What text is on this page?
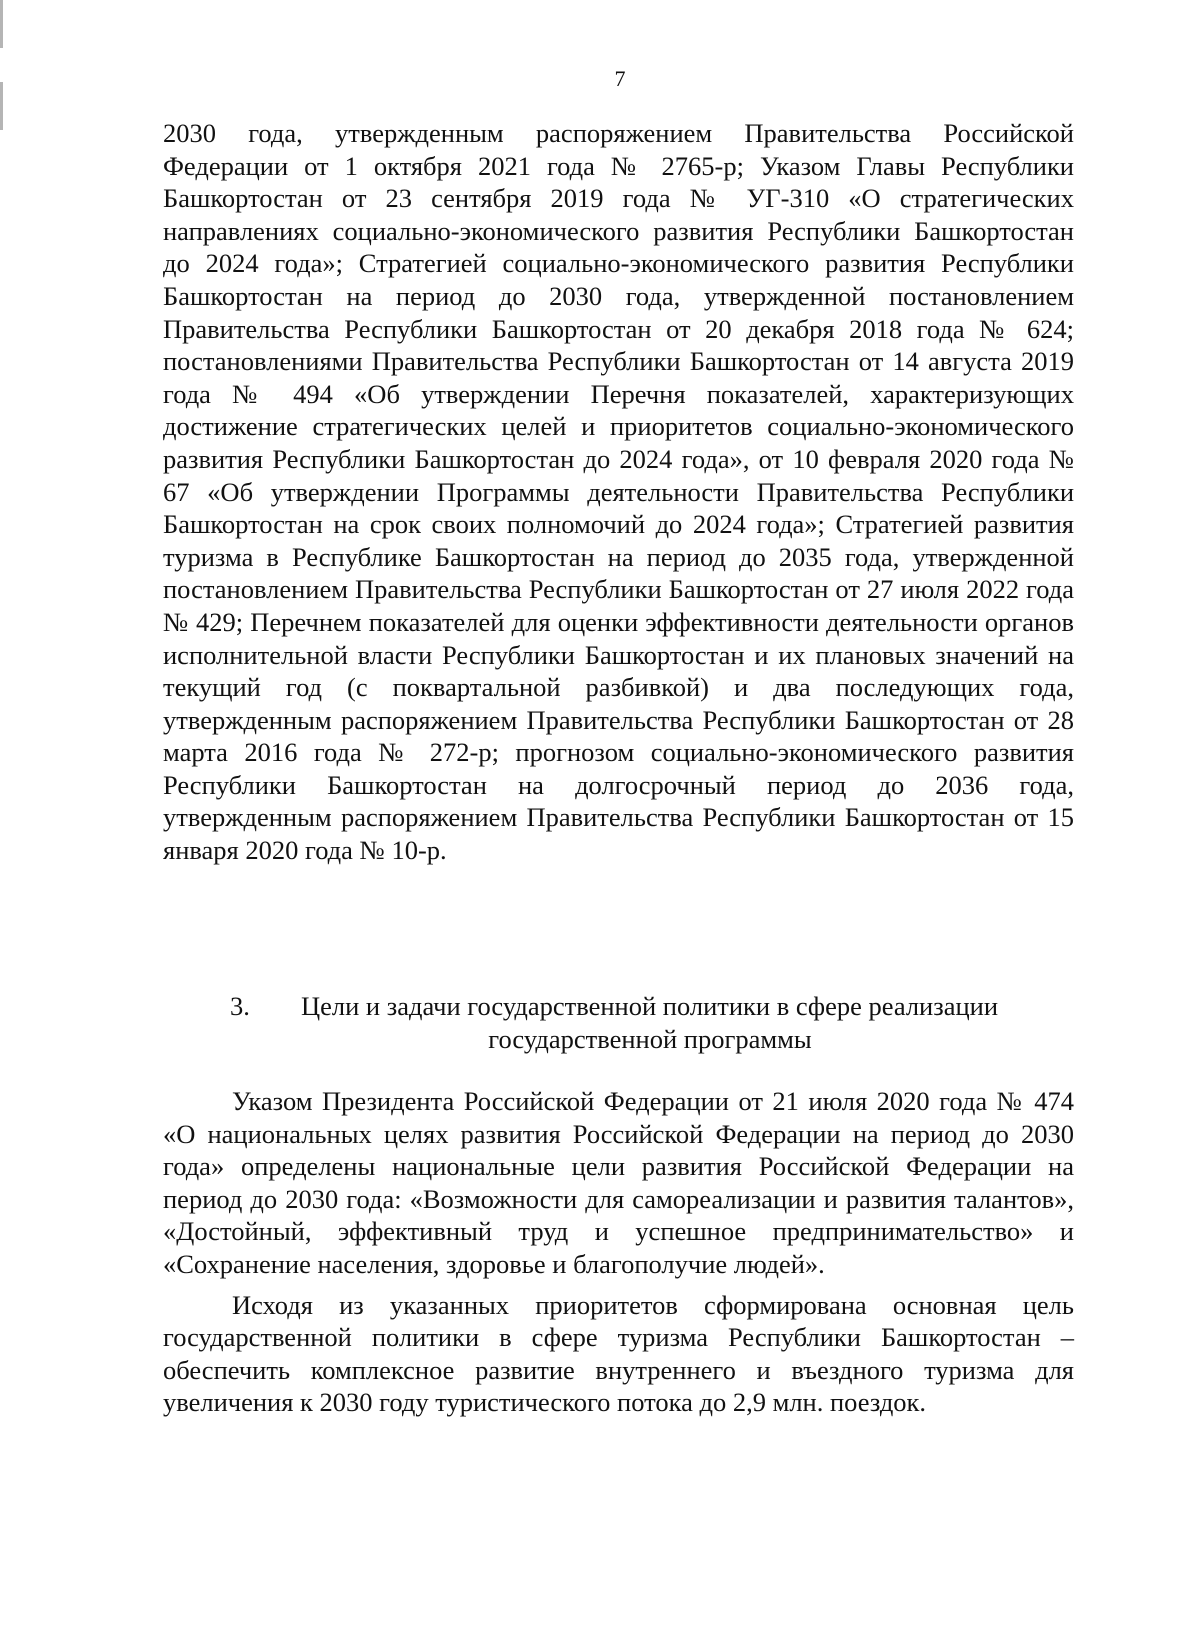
7

2030 года, утвержденным распоряжением Правительства Российской Федерации от 1 октября 2021 года № 2765-р; Указом Главы Республики Башкортостан от 23 сентября 2019 года № УГ-310 «О стратегических направлениях социально-экономического развития Республики Башкортостан до 2024 года»; Стратегией социально-экономического развития Республики Башкортостан на период до 2030 года, утвержденной постановлением Правительства Республики Башкортостан от 20 декабря 2018 года № 624; постановлениями Правительства Республики Башкортостан от 14 августа 2019 года № 494 «Об утверждении Перечня показателей, характеризующих достижение стратегических целей и приоритетов социально-экономического развития Республики Башкортостан до 2024 года», от 10 февраля 2020 года № 67 «Об утверждении Программы деятельности Правительства Республики Башкортостан на срок своих полномочий до 2024 года»; Стратегией развития туризма в Республике Башкортостан на период до 2035 года, утвержденной постановлением Правительства Республики Башкортостан от 27 июля 2022 года № 429; Перечнем показателей для оценки эффективности деятельности органов исполнительной власти Республики Башкортостан и их плановых значений на текущий год (с поквартальной разбивкой) и два последующих года, утвержденным распоряжением Правительства Республики Башкортостан от 28 марта 2016 года № 272-р; прогнозом социально-экономического развития Республики Башкортостан на долгосрочный период до 2036 года, утвержденным распоряжением Правительства Республики Башкортостан от 15 января 2020 года № 10-р.

3. Цели и задачи государственной политики в сфере реализации
государственной программы

Указом Президента Российской Федерации от 21 июля 2020 года № 474 «О национальных целях развития Российской Федерации на период до 2030 года» определены национальные цели развития Российской Федерации на период до 2030 года: «Возможности для самореализации и развития талантов», «Достойный, эффективный труд и успешное предпринимательство» и «Сохранение населения, здоровье и благополучие людей».

Исходя из указанных приоритетов сформирована основная цель государственной политики в сфере туризма Республики Башкортостан – обеспечить комплексное развитие внутреннего и въездного туризма для увеличения к 2030 году туристического потока до 2,9 млн. поездок.
